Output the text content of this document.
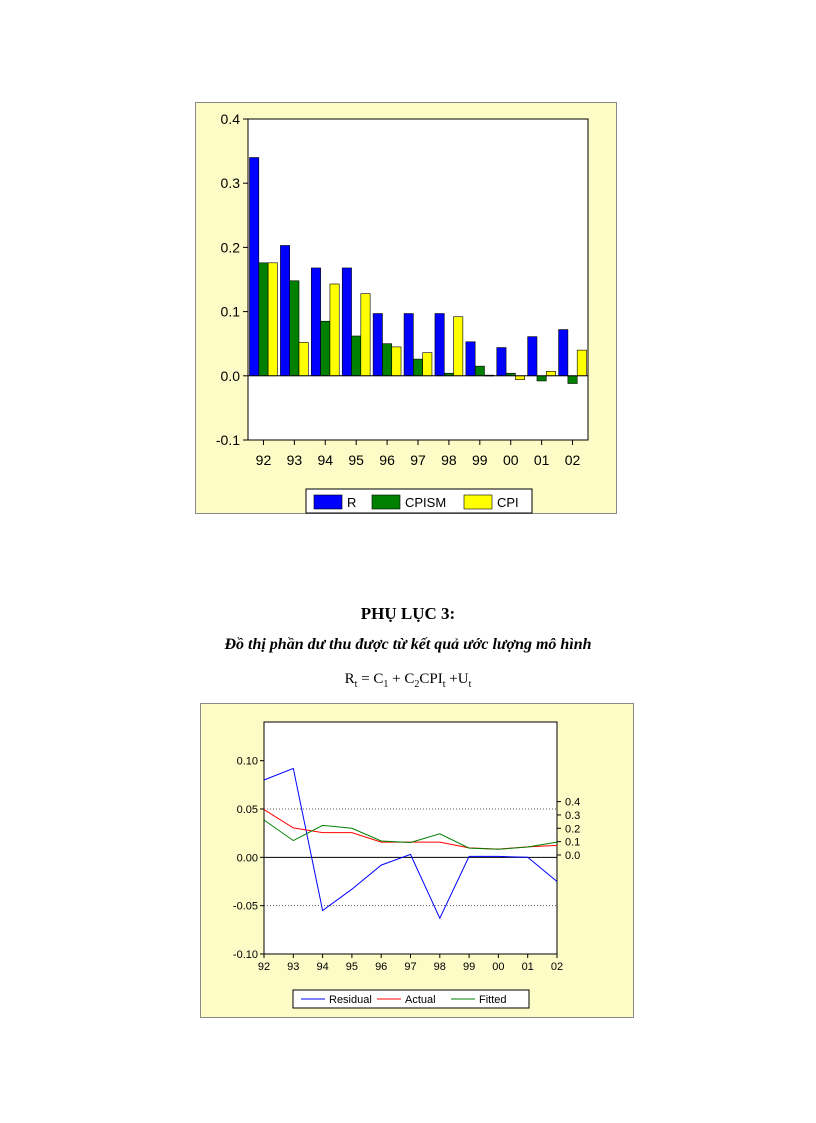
0.4
0.3
0.2
0.1
0.0
-0.1
92 93 94 95 96 97 98 99 00 01 02
R	CPISM	CPI
PHỤ LỤC 3:
Đồ thị phần dư thu được từ kết quả ước lượng mô hình
$R_t = C_1 + C_2CPI_t +U_t$
0.10
0.05
0.00
-0.05
-0.10
0.4
0.3
0.2
0.1
0.0
92 93 94 95 96 97 98 99 00 01 02
Residual	Actual	Fitted
